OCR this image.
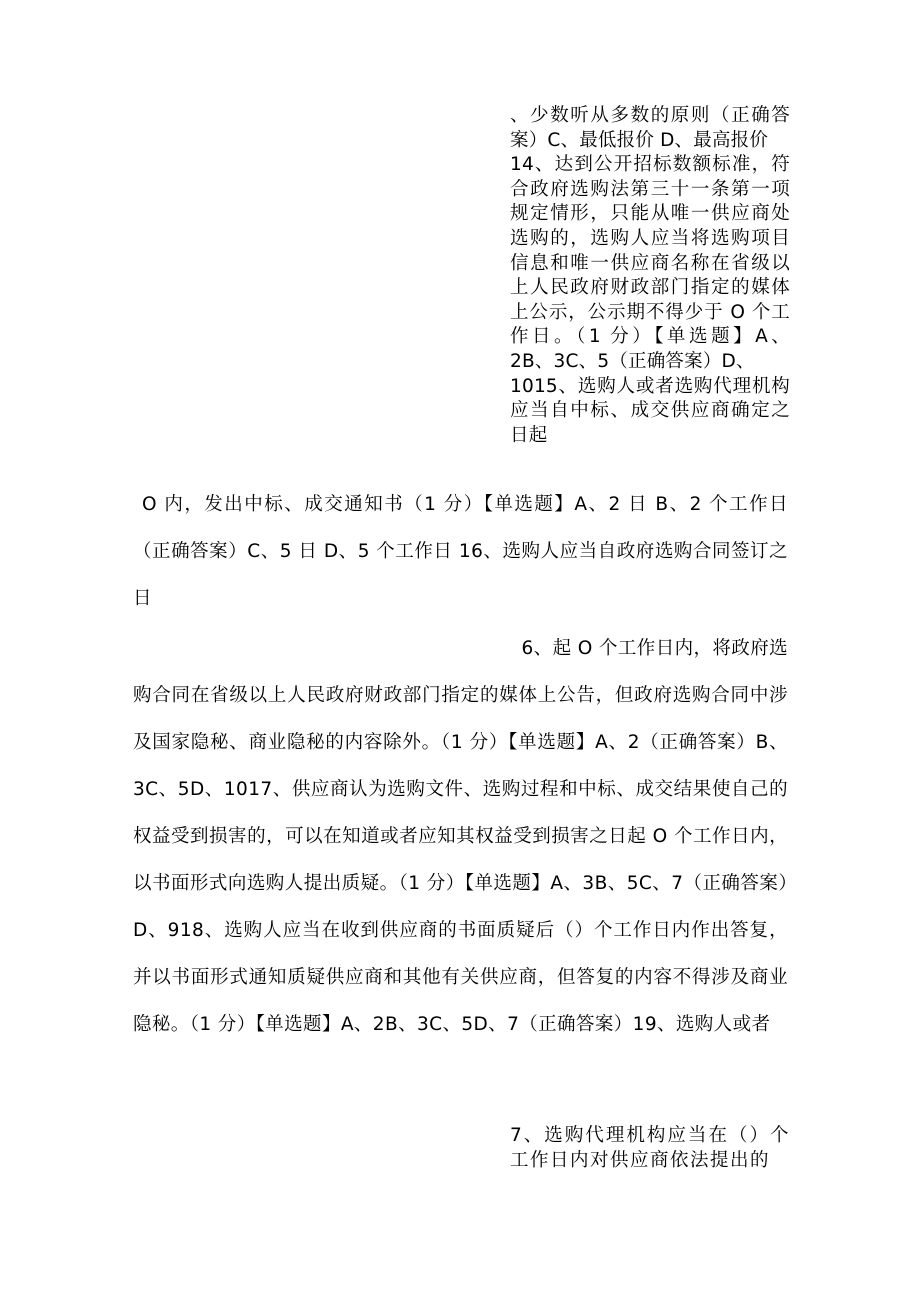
、少数听从多数的原则（正确答案）C、最低报价 D、最高报价
14、达到公开招标数额标准，符合政府选购法第三十一条第一项规定情形，只能从唯一供应商处选购的，选购人应当将选购项目信息和唯一供应商名称在省级以上人民政府财政部门指定的媒体上公示，公示期不得少于 O 个工作日。（1 分）【单选题】A、2B、3C、5（正确答案）D、
1015、选购人或者选购代理机构应当自中标、成交供应商确定之日起
O 内，发出中标、成交通知书（1 分）【单选题】A、2 日 B、2 个工作日（正确答案）C、5 日 D、5 个工作日 16、选购人应当自政府选购合同签订之日
6、起 O 个工作日内，将政府选
购合同在省级以上人民政府财政部门指定的媒体上公告，但政府选购合同中涉及国家隐秘、商业隐秘的内容除外。（1 分）【单选题】A、2（正确答案）B、3C、5D、1017、供应商认为选购文件、选购过程和中标、成交结果使自己的权益受到损害的，可以在知道或者应知其权益受到损害之日起 O 个工作日内，以书面形式向选购人提出质疑。（1 分）【单选题】A、3B、5C、7（正确答案）D、918、选购人应当在收到供应商的书面质疑后（）个工作日内作出答复，并以书面形式通知质疑供应商和其他有关供应商，但答复的内容不得涉及商业隐秘。（1 分）【单选题】A、2B、3C、5D、7（正确答案）19、选购人或者
7、选购代理机构应当在（）个工作日内对供应商依法提出的
